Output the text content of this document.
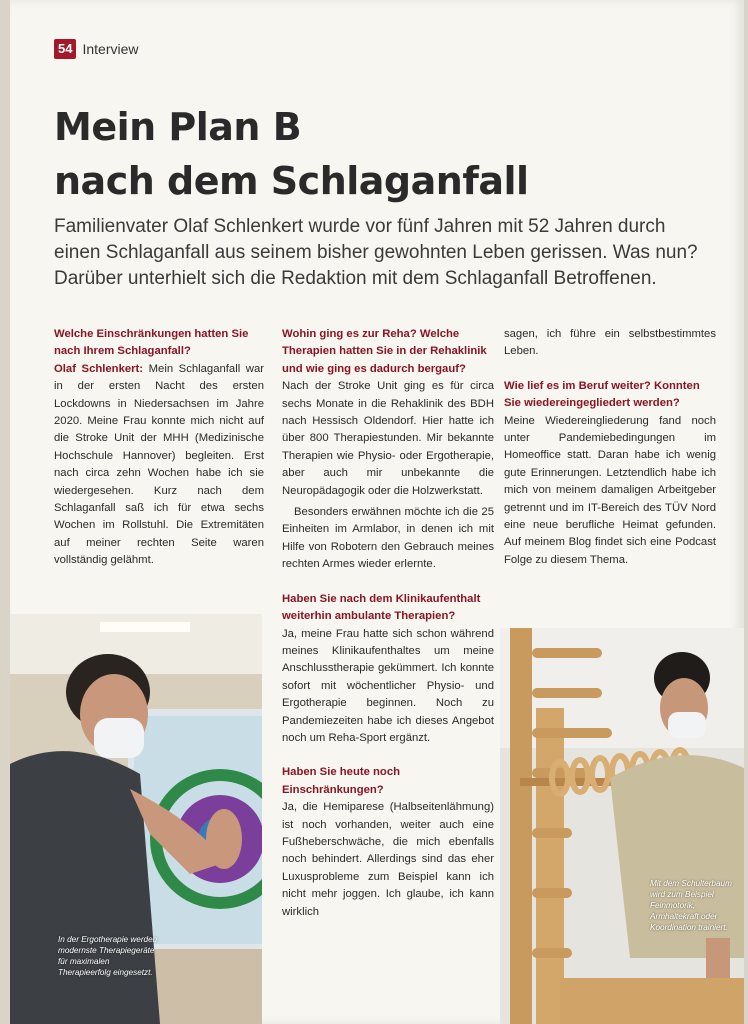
54 Interview
Mein Plan B
nach dem Schlaganfall
Familienvater Olaf Schlenkert wurde vor fünf Jahren mit 52 Jahren durch einen Schlaganfall aus seinem bisher gewohnten Leben gerissen. Was nun? Darüber unterhielt sich die Redaktion mit dem Schlaganfall Betroffenen.
Welche Einschränkungen hatten Sie nach Ihrem Schlaganfall?

Olaf Schlenkert: Mein Schlaganfall war in der ersten Nacht des ersten Lockdowns in Niedersachsen im Jahre 2020. Meine Frau konnte mich nicht auf die Stroke Unit der MHH (Medizinische Hochschule Hannover) begleiten. Erst nach circa zehn Wochen habe ich sie wiedergesehen. Kurz nach dem Schlaganfall saß ich für etwa sechs Wochen im Rollstuhl. Die Extremitäten auf meiner rechten Seite waren vollständig gelähmt.

Wohin ging es zur Reha? Welche Therapien hatten Sie in der Rehaklinik und wie ging es dadurch bergauf?

Nach der Stroke Unit ging es für circa sechs Monate in die Rehaklinik des BDH nach Hessisch Oldendorf. Hier hatte ich über 800 Therapiestunden. Mir bekannte Therapien wie Physio- oder Ergotherapie, aber auch mir unbekannte die Neuropädagogik oder die Holzwerkstatt.

Besonders erwähnen möchte ich die 25 Einheiten im Armlabor, in denen ich mit Hilfe von Robotern den Gebrauch meines rechten Armes wieder erlernte.

Haben Sie nach dem Klinikaufenthalt weiterhin ambulante Therapien?

Ja, meine Frau hatte sich schon während meines Klinikaufenthaltes um meine Anschlusstherapie gekümmert. Ich konnte sofort mit wöchentlicher Physio- und Ergotherapie beginnen. Noch zu Pandemiezeiten habe ich dieses Angebot noch um Reha-Sport ergänzt.

Haben Sie heute noch Einschränkungen?

Ja, die Hemiparese (Halbseitenlähmung) ist noch vorhanden, weiter auch eine Fußheberschwäche, die mich ebenfalls noch behindert. Allerdings sind das eher Luxusprobleme zum Beispiel kann ich nicht mehr joggen. Ich glaube, ich kann wirklich

sagen, ich führe ein selbstbestimmtes Leben.

Wie lief es im Beruf weiter? Konnten Sie wiedereingegliedert werden?

Meine Wiedereingliederung fand noch unter Pandemiebedingungen im Homeoffice statt. Daran habe ich wenig gute Erinnerungen. Letztendlich habe ich mich von meinem damaligen Arbeitgeber getrennt und im IT-Bereich des TÜV Nord eine neue berufliche Heimat gefunden. Auf meinem Blog findet sich eine Podcast Folge zu diesem Thema.

In der Ergotherapie werden modernste Therapiegeräte für maximalen Therapieerfolg eingesetzt.
Mit dem Schulterbaum wird zum Beispiel Feinmotorik, Armhaltekraft oder Koordination trainiert.
